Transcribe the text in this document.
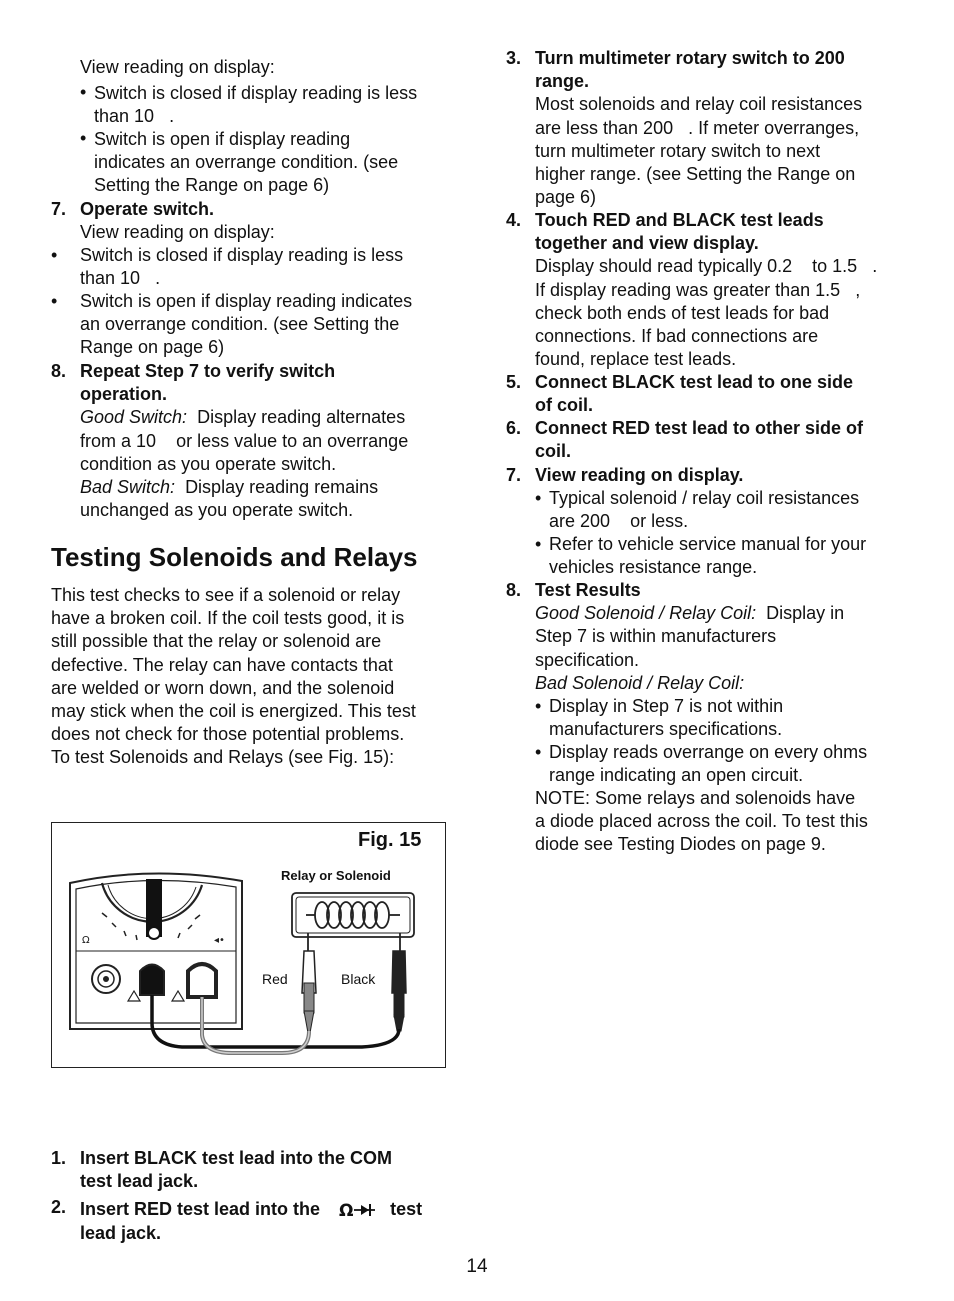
View reading on display:
• Switch is closed if display reading is less
than 10   .
• Switch is open if display reading
indicates an overrange condition. (see
Setting the Range on page 6)
7. Operate switch.
View reading on display:
• Switch is closed if display reading is less
than 10   .
• Switch is open if display reading indicates
an overrange condition. (see Setting the
Range on page 6)
8. Repeat Step 7 to verify switch
operation.
Good Switch: Display reading alternates
from a 10 or less value to an overrange
condition as you operate switch.
Bad Switch: Display reading remains
unchanged as you operate switch.
Testing Solenoids and Relays
This test checks to see if a solenoid or relay
have a broken coil. If the coil tests good, it is
still possible that the relay or solenoid are
defective. The relay can have contacts that
are welded or worn down, and the solenoid
may stick when the coil is energized. This test
does not check for those potential problems.
To test Solenoids and Relays (see Fig. 15):
Fig. 15
Relay or Solenoid
Red	Black
Ω	◂•
1. Insert BLACK test lead into the COM
test lead jack.
2. Insert RED test lead into the Ω test
lead jack.
3. Turn multimeter rotary switch to 200
range.
Most solenoids and relay coil resistances
are less than 200 . If meter overranges,
turn multimeter rotary switch to next
higher range. (see Setting the Range on
page 6)
4. Touch RED and BLACK test leads
together and view display.
Display should read typically 0.2 to 1.5 .
If display reading was greater than 1.5 ,
check both ends of test leads for bad
connections. If bad connections are
found, replace test leads.
5. Connect BLACK test lead to one side
of coil.
6. Connect RED test lead to other side of
coil.
7. View reading on display.
• Typical solenoid / relay coil resistances
are 200 or less.
• Refer to vehicle service manual for your
vehicles resistance range.
8. Test Results
Good Solenoid / Relay Coil: Display in
Step 7 is within manufacturers
specification.
Bad Solenoid / Relay Coil:
• Display in Step 7 is not within
manufacturers specifications.
• Display reads overrange on every ohms
range indicating an open circuit.
NOTE: Some relays and solenoids have
a diode placed across the coil. To test this
diode see Testing Diodes on page 9.
14
